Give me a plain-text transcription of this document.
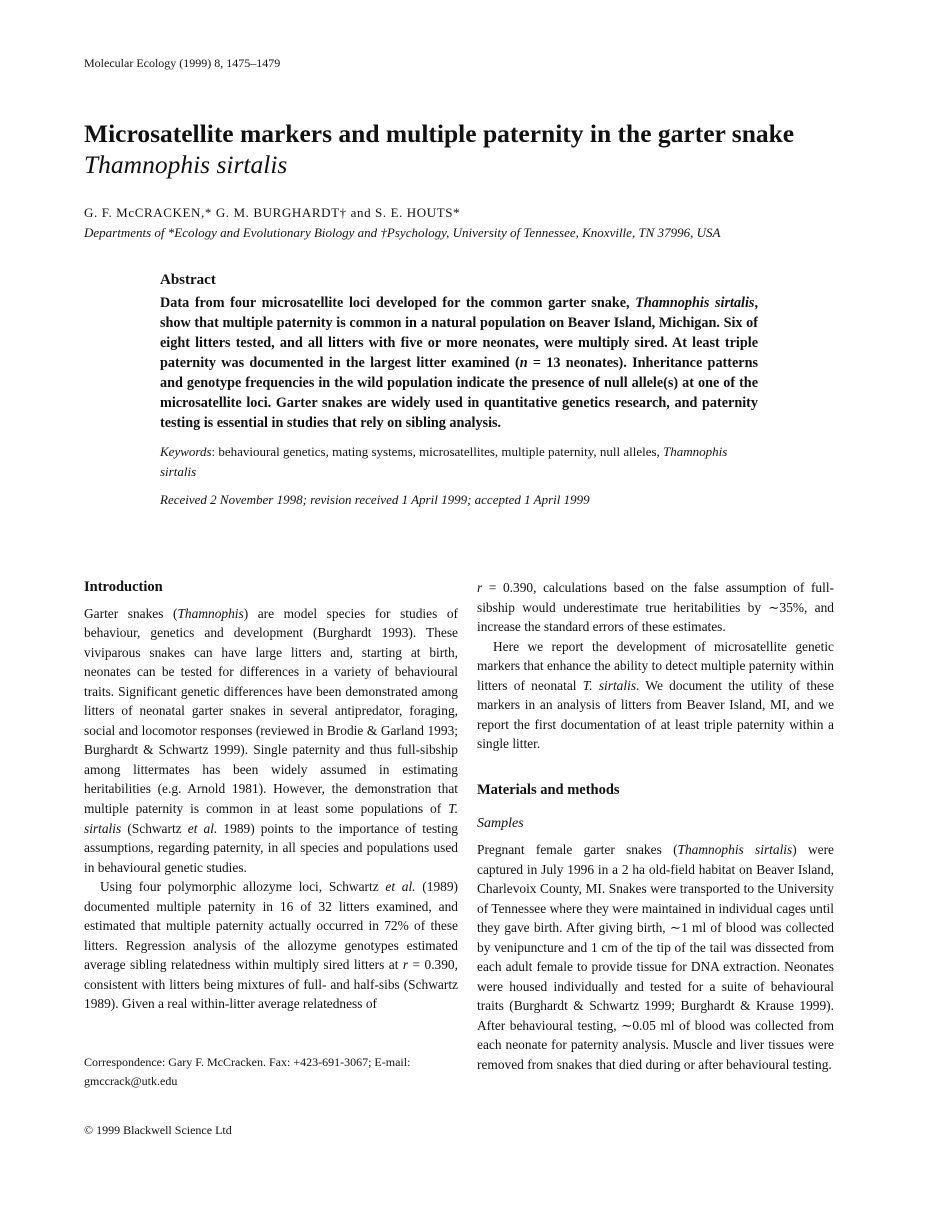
Molecular Ecology (1999) 8, 1475–1479
Microsatellite markers and multiple paternity in the garter snake Thamnophis sirtalis
G. F. McCRACKEN,* G. M. BURGHARDT† and S. E. HOUTS*
Departments of *Ecology and Evolutionary Biology and †Psychology, University of Tennessee, Knoxville, TN 37996, USA
Abstract

Data from four microsatellite loci developed for the common garter snake, Thamnophis sirtalis, show that multiple paternity is common in a natural population on Beaver Island, Michigan. Six of eight litters tested, and all litters with five or more neonates, were multiply sired. At least triple paternity was documented in the largest litter examined (n = 13 neonates). Inheritance patterns and genotype frequencies in the wild population indicate the presence of null allele(s) at one of the microsatellite loci. Garter snakes are widely used in quantitative genetics research, and paternity testing is essential in studies that rely on sibling analysis.

Keywords: behavioural genetics, mating systems, microsatellites, multiple paternity, null alleles, Thamnophis sirtalis

Received 2 November 1998; revision received 1 April 1999; accepted 1 April 1999

Introduction

Garter snakes (Thamnophis) are model species for studies of behaviour, genetics and development (Burghardt 1993). These viviparous snakes can have large litters and, starting at birth, neonates can be tested for differences in a variety of behavioural traits. Significant genetic differences have been demonstrated among litters of neonatal garter snakes in several antipredator, foraging, social and locomotor responses (reviewed in Brodie & Garland 1993; Burghardt & Schwartz 1999). Single paternity and thus full-sibship among littermates has been widely assumed in estimating heritabilities (e.g. Arnold 1981). However, the demonstration that multiple paternity is common in at least some populations of T. sirtalis (Schwartz et al. 1989) points to the importance of testing assumptions, regarding paternity, in all species and populations used in behavioural genetic studies.

Using four polymorphic allozyme loci, Schwartz et al. (1989) documented multiple paternity in 16 of 32 litters examined, and estimated that multiple paternity actually occurred in 72% of these litters. Regression analysis of the allozyme genotypes estimated average sibling relatedness within multiply sired litters at r = 0.390, consistent with litters being mixtures of full- and half-sibs (Schwartz 1989). Given a real within-litter average relatedness of

Correspondence: Gary F. McCracken. Fax: +423-691-3067; E-mail: gmccrack@utk.edu
© 1999 Blackwell Science Ltd

r = 0.390, calculations based on the false assumption of full-sibship would underestimate true heritabilities by ∼35%, and increase the standard errors of these estimates.

Here we report the development of microsatellite genetic markers that enhance the ability to detect multiple paternity within litters of neonatal T. sirtalis. We document the utility of these markers in an analysis of litters from Beaver Island, MI, and we report the first documentation of at least triple paternity within a single litter.

Materials and methods
Samples

Pregnant female garter snakes (Thamnophis sirtalis) were captured in July 1996 in a 2 ha old-field habitat on Beaver Island, Charlevoix County, MI. Snakes were transported to the University of Tennessee where they were maintained in individual cages until they gave birth. After giving birth, ∼1 ml of blood was collected by venipuncture and 1 cm of the tip of the tail was dissected from each adult female to provide tissue for DNA extraction. Neonates were housed individually and tested for a suite of behavioural traits (Burghardt & Schwartz 1999; Burghardt & Krause 1999). After behavioural testing, ∼0.05 ml of blood was collected from each neonate for paternity analysis. Muscle and liver tissues were removed from snakes that died during or after behavioural testing.
